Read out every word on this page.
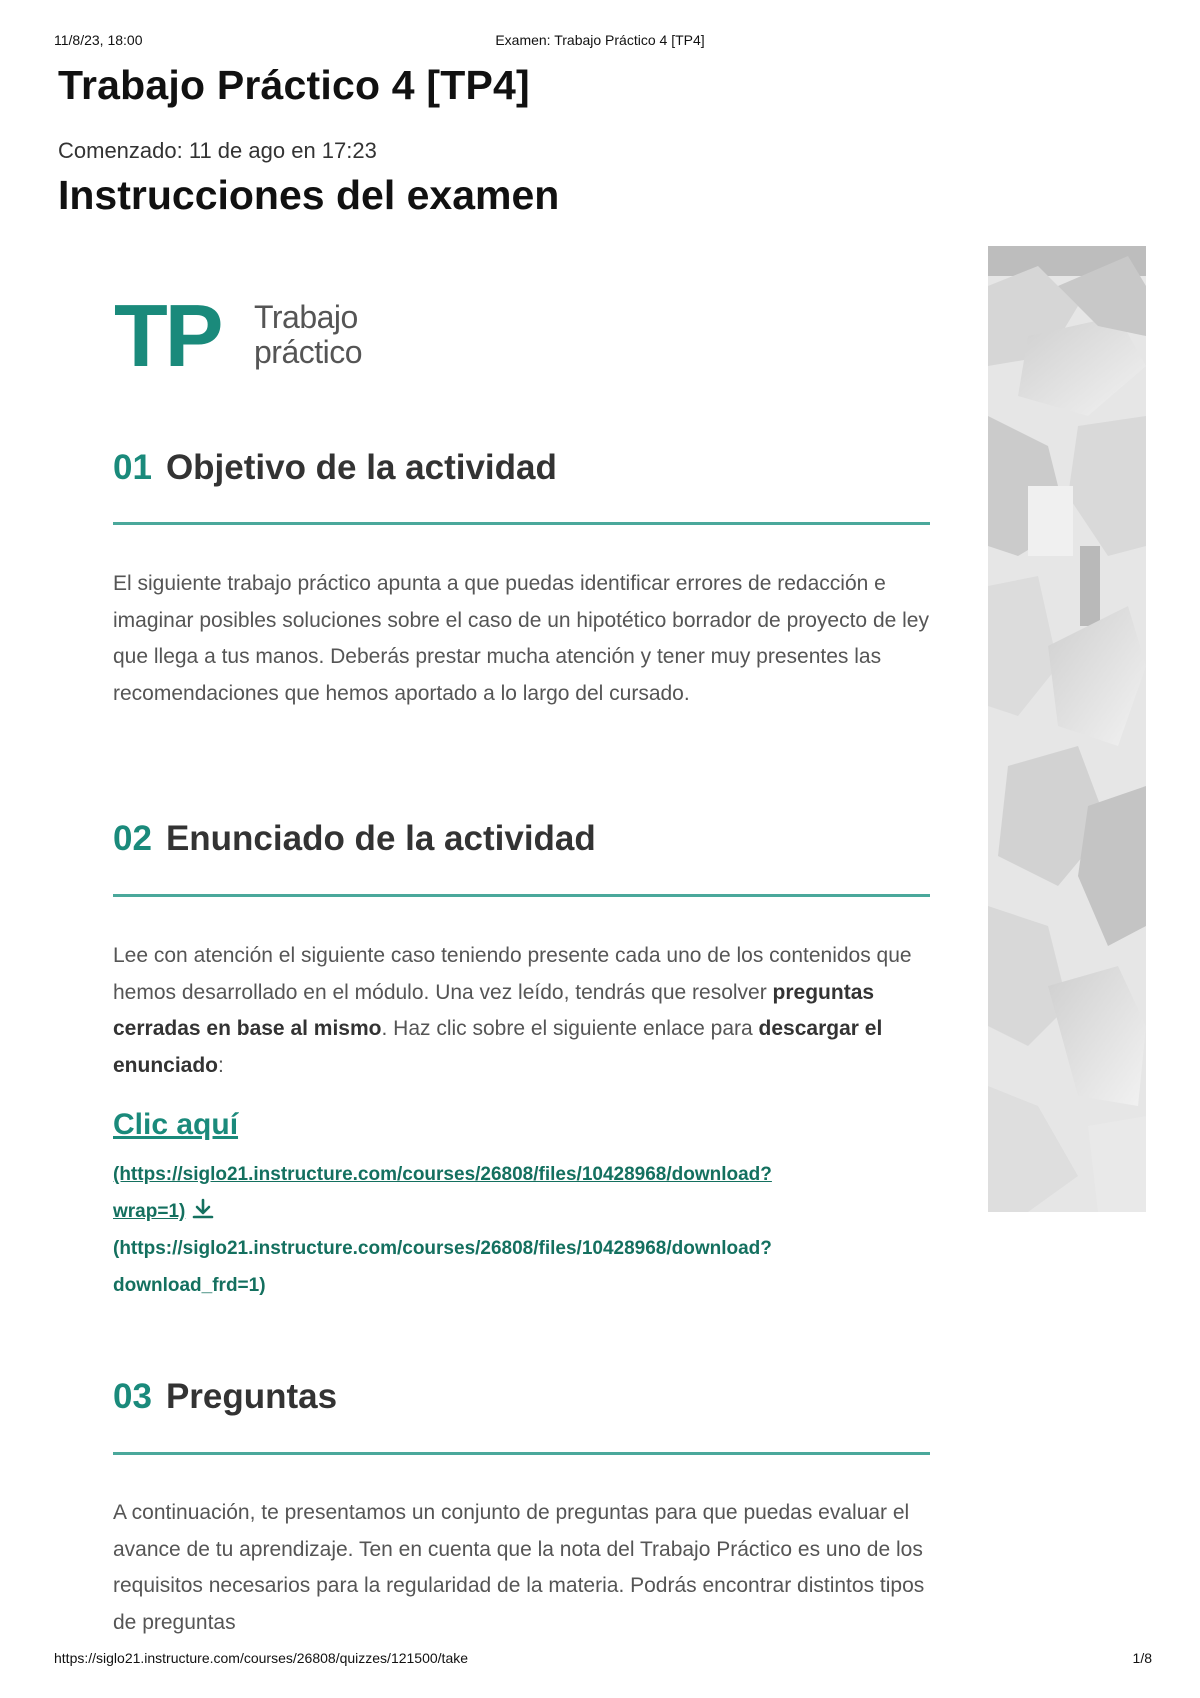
11/8/23, 18:00	Examen: Trabajo Práctico 4 [TP4]
Trabajo Práctico 4 [TP4]
Comenzado: 11 de ago en 17:23
Instrucciones del examen
TP Trabajo
práctico
01 Objetivo de la actividad

El siguiente trabajo práctico apunta a que puedas identificar errores de redacción e imaginar posibles soluciones sobre el caso de un hipotético borrador de proyecto de ley que llega a tus manos. Deberás prestar mucha atención y tener muy presentes las recomendaciones que hemos aportado a lo largo del cursado.

02 Enunciado de la actividad

Lee con atención el siguiente caso teniendo presente cada uno de los contenidos que hemos desarrollado en el módulo. Una vez leído, tendrás que resolver preguntas cerradas en base al mismo. Haz clic sobre el siguiente enlace para descargar el enunciado:

Clic aquí

(https://siglo21.instructure.com/courses/26808/files/10428968/download?
wrap=1)

(https://siglo21.instructure.com/courses/26808/files/10428968/download?
download_frd=1)

03 Preguntas

A continuación, te presentamos un conjunto de preguntas para que puedas evaluar el avance de tu aprendizaje. Ten en cuenta que la nota del Trabajo Práctico es uno de los requisitos necesarios para la regularidad de la materia. Podrás encontrar distintos tipos de preguntas

https://siglo21.instructure.com/courses/26808/quizzes/121500/take	1/8
